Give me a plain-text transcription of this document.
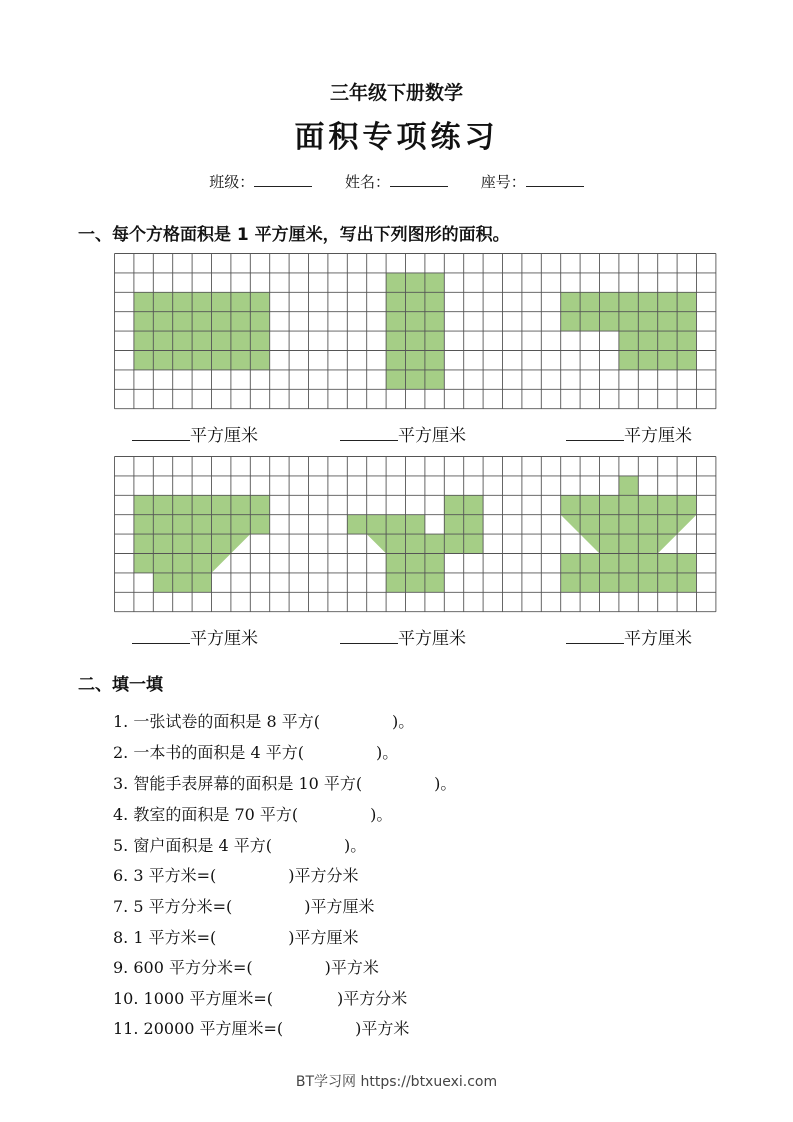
三年级下册数学
面积专项练习
班级：	姓名：	座号：
一、每个方格面积是 1 平方厘米，写出下列图形的面积。
平方厘米	平方厘米	平方厘米
平方厘米	平方厘米	平方厘米
二、填一填
1. 一张试卷的面积是 8 平方(	)。
2. 一本书的面积是 4 平方(	)。
3. 智能手表屏幕的面积是 10 平方(	)。
4. 教室的面积是 70 平方(	)。
5. 窗户面积是 4 平方(	)。
6. 3 平方米=(	)平方分米
7. 5 平方分米=(	)平方厘米
8. 1 平方米=(	)平方厘米
9. 600 平方分米=(	)平方米
10. 1000 平方厘米=(	)平方分米
11. 20000 平方厘米=(	)平方米
BT学习网 https://btxuexi.com
